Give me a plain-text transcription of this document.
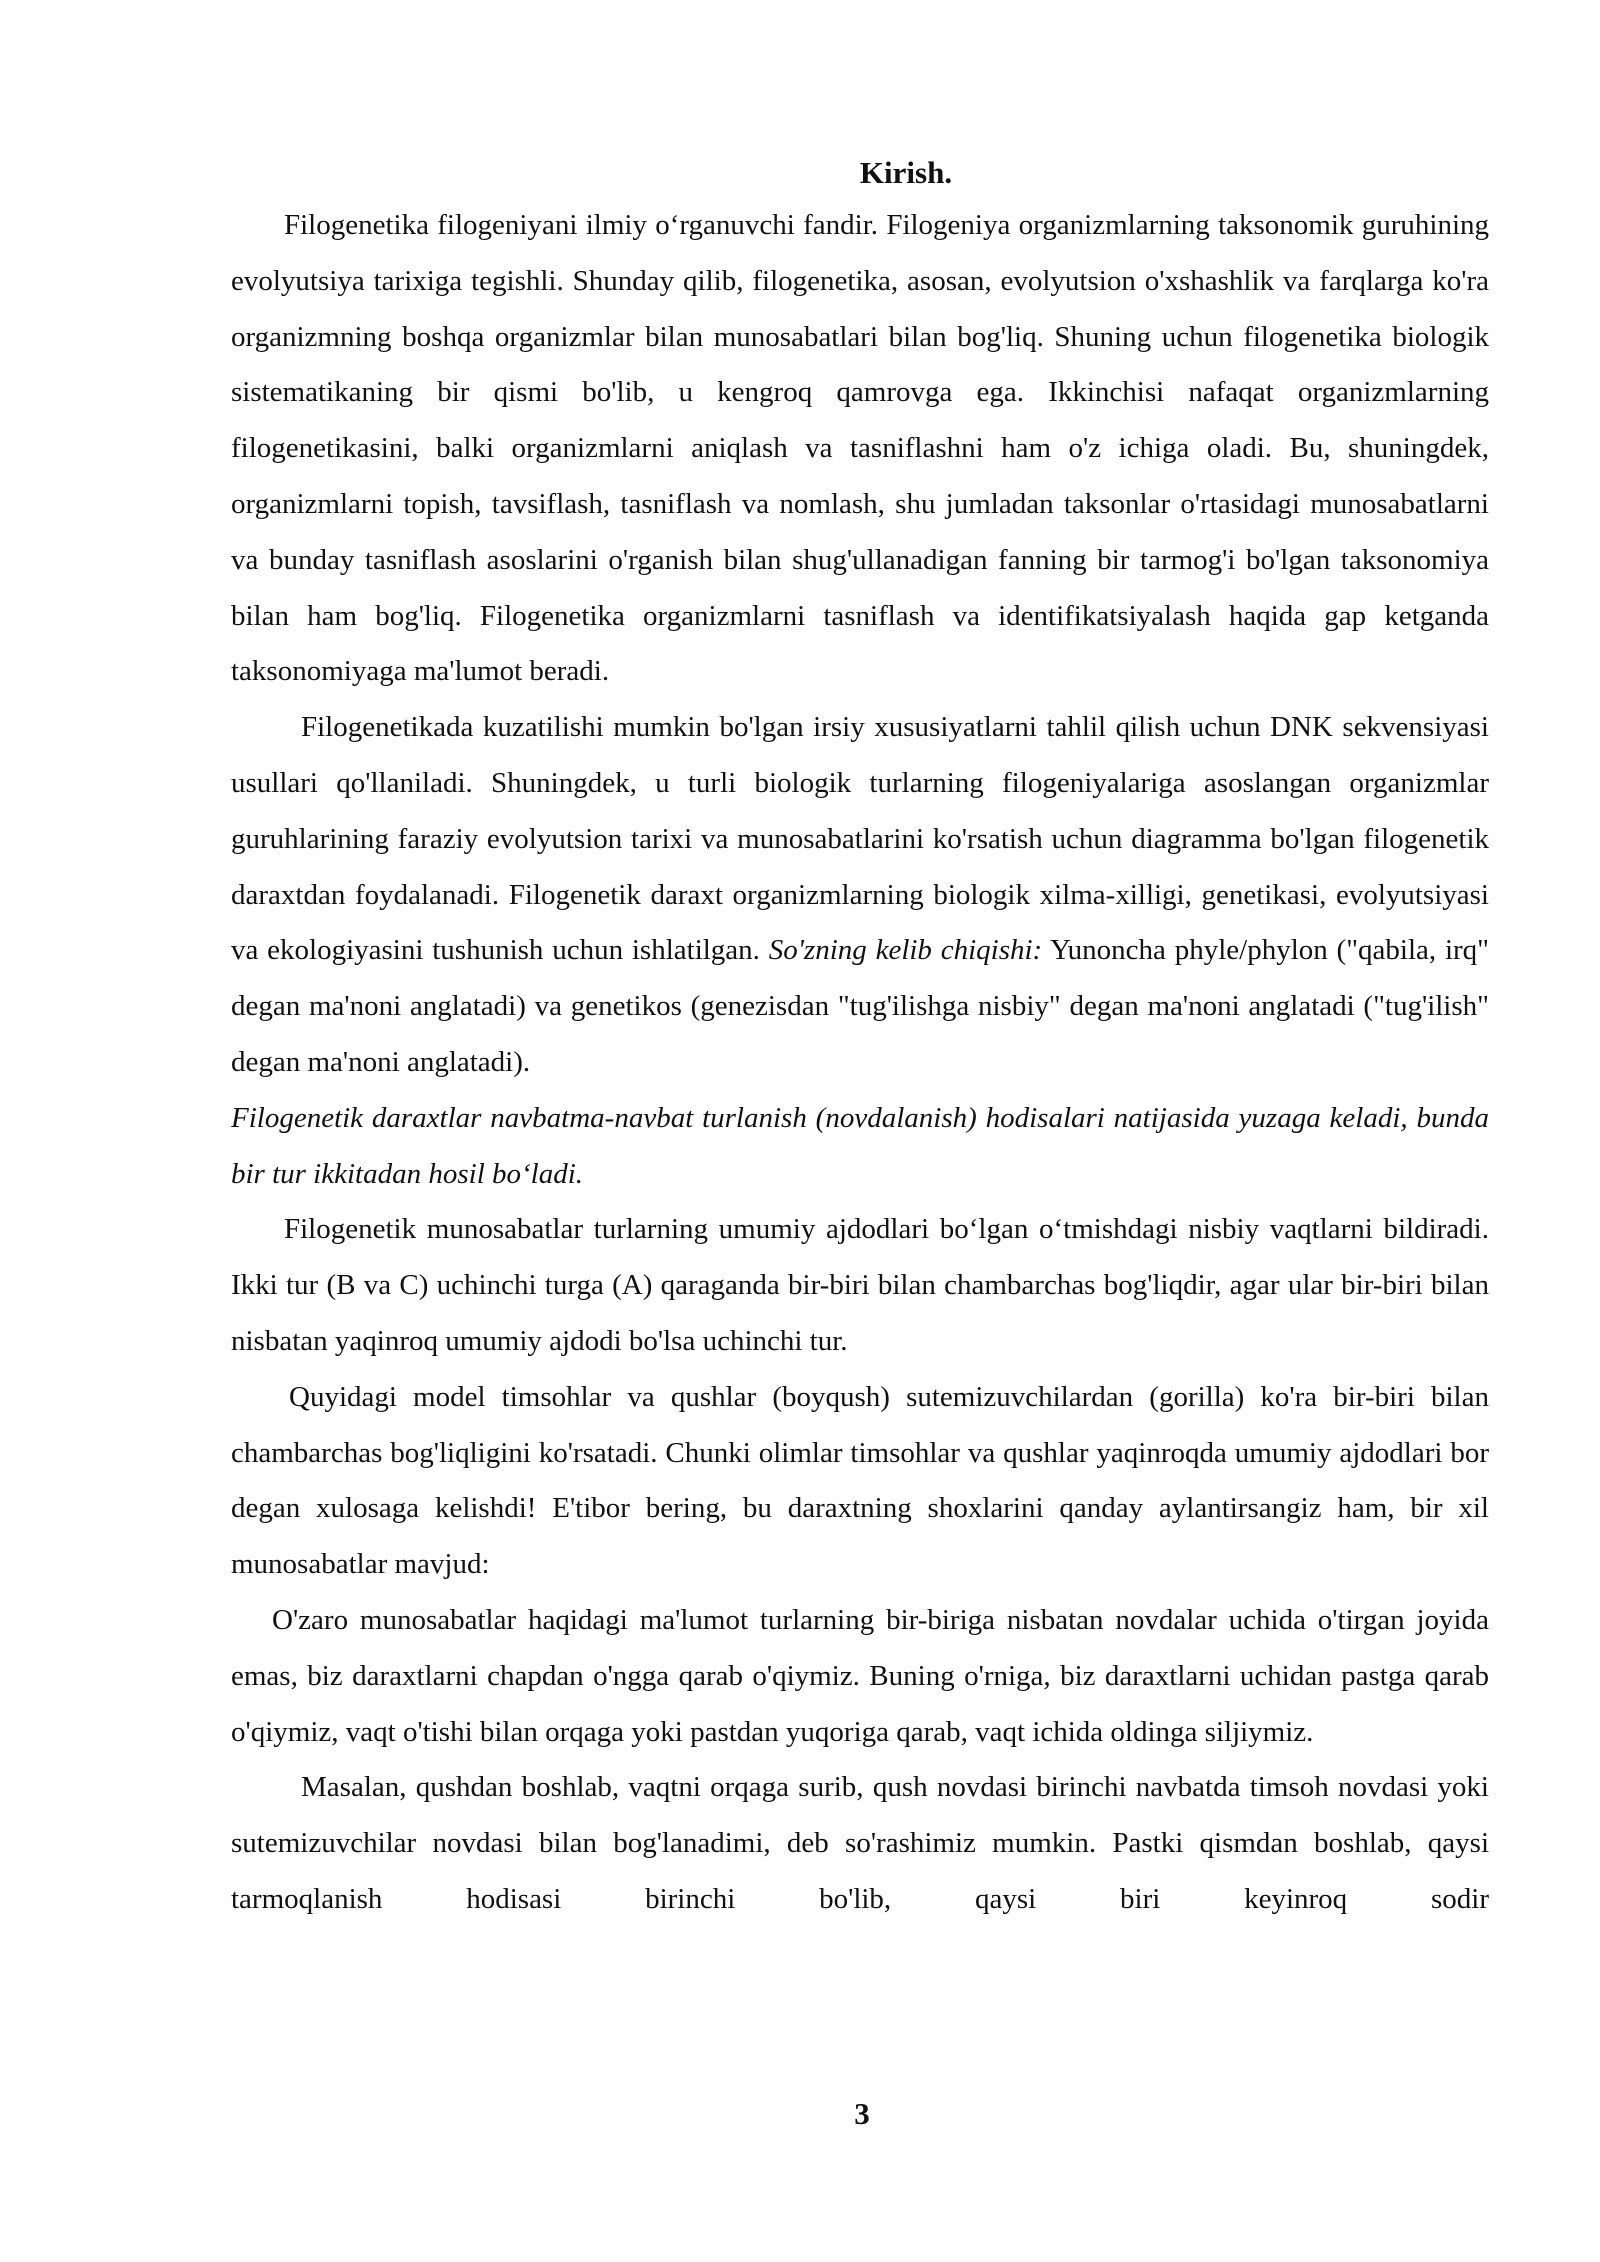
Kirish.

Filogenetika filogeniyani ilmiy o‘rganuvchi fandir. Filogeniya organizmlarning taksonomik guruhining evolyutsiya tarixiga tegishli. Shunday qilib, filogenetika, asosan, evolyutsion o'xshashlik va farqlarga ko'ra organizmning boshqa organizmlar bilan munosabatlari bilan bog'liq. Shuning uchun filogenetika biologik sistematikaning bir qismi bo'lib, u kengroq qamrovga ega. Ikkinchisi nafaqat organizmlarning filogenetikasini, balki organizmlarni aniqlash va tasniflashni ham o'z ichiga oladi. Bu, shuningdek, organizmlarni topish, tavsiflash, tasniflash va nomlash, shu jumladan taksonlar o'rtasidagi munosabatlarni va bunday tasniflash asoslarini o'rganish bilan shug'ullanadigan fanning bir tarmog'i bo'lgan taksonomiya bilan ham bog'liq. Filogenetika organizmlarni tasniflash va identifikatsiyalash haqida gap ketganda taksonomiyaga ma'lumot beradi.

Filogenetikada kuzatilishi mumkin bo'lgan irsiy xususiyatlarni tahlil qilish uchun DNK sekvensiyasi usullari qo'llaniladi. Shuningdek, u turli biologik turlarning filogeniyalariga asoslangan organizmlar guruhlarining faraziy evolyutsion tarixi va munosabatlarini ko'rsatish uchun diagramma bo'lgan filogenetik daraxtdan foydalanadi. Filogenetik daraxt organizmlarning biologik xilma-xilligi, genetikasi, evolyutsiyasi va ekologiyasini tushunish uchun ishlatilgan. So'zning kelib chiqishi: Yunoncha phyle/phylon ("qabila, irq" degan ma'noni anglatadi) va genetikos (genezisdan "tug'ilishga nisbiy" degan ma'noni anglatadi ("tug'ilish" degan ma'noni anglatadi).

Filogenetik daraxtlar navbatma-navbat turlanish (novdalanish) hodisalari natijasida yuzaga keladi, bunda bir tur ikkitadan hosil bo‘ladi.

Filogenetik munosabatlar turlarning umumiy ajdodlari bo‘lgan o‘tmishdagi nisbiy vaqtlarni bildiradi. Ikki tur (B va C) uchinchi turga (A) qaraganda bir-biri bilan chambarchas bog'liqdir, agar ular bir-biri bilan nisbatan yaqinroq umumiy ajdodi bo'lsa uchinchi tur.

Quyidagi model timsohlar va qushlar (boyqush) sutemizuvchilardan (gorilla) ko'ra bir-biri bilan chambarchas bog'liqligini ko'rsatadi. Chunki olimlar timsohlar va qushlar yaqinroqda umumiy ajdodlari bor degan xulosaga kelishdi! E'tibor bering, bu daraxtning shoxlarini qanday aylantirsangiz ham, bir xil munosabatlar mavjud:

O'zaro munosabatlar haqidagi ma'lumot turlarning bir-biriga nisbatan novdalar uchida o'tirgan joyida emas, biz daraxtlarni chapdan o'ngga qarab o'qiymiz. Buning o'rniga, biz daraxtlarni uchidan pastga qarab o'qiymiz, vaqt o'tishi bilan orqaga yoki pastdan yuqoriga qarab, vaqt ichida oldinga siljiymiz.

Masalan, qushdan boshlab, vaqtni orqaga surib, qush novdasi birinchi navbatda timsoh novdasi yoki sutemizuvchilar novdasi bilan bog'lanadimi, deb so'rashimiz mumkin. Pastki qismdan boshlab, qaysi tarmoqlanish hodisasi birinchi bo'lib, qaysi biri keyinroq sodir

3
